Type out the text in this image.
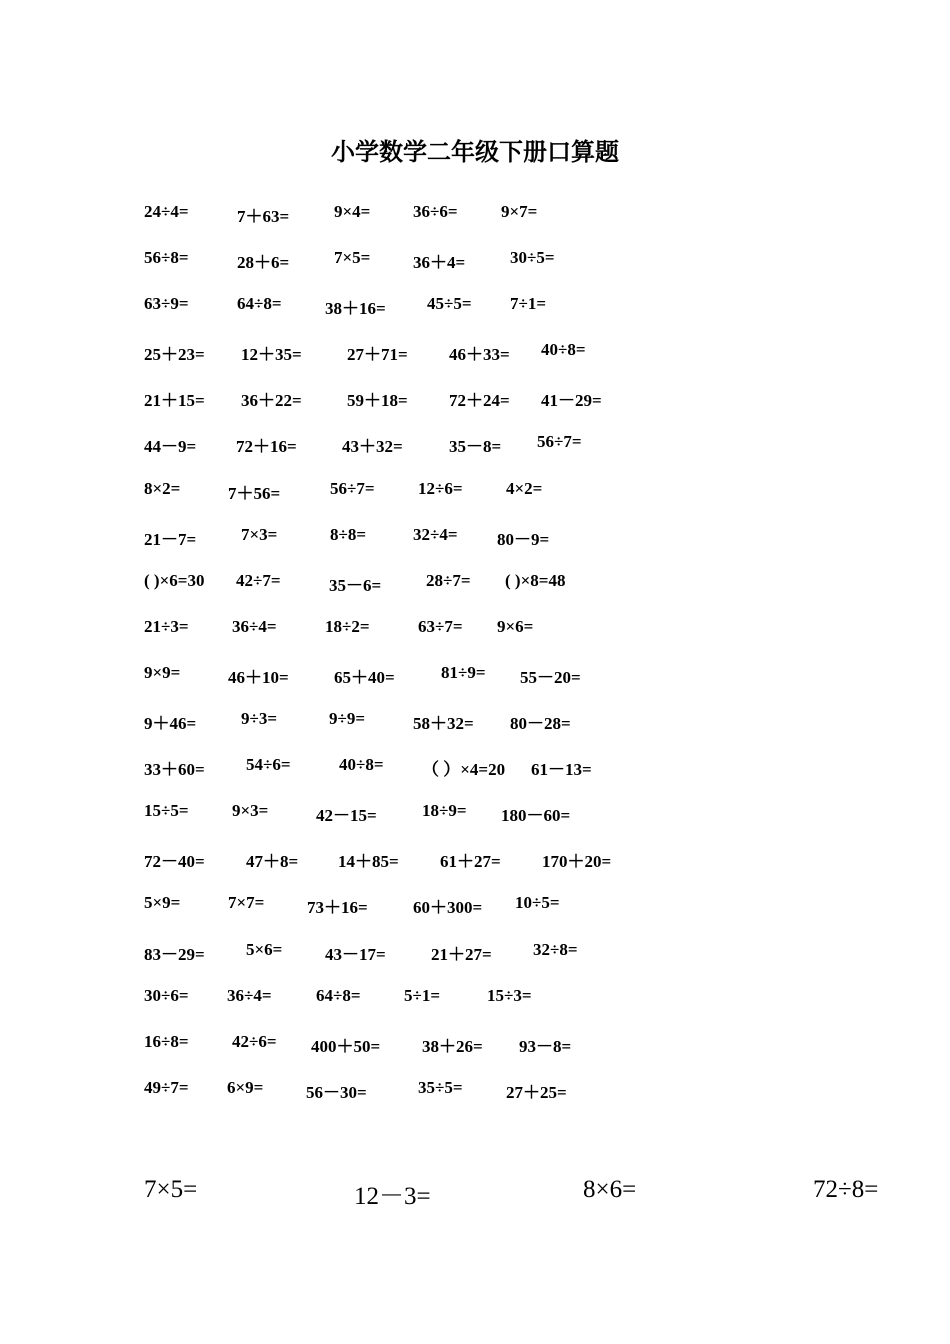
小学数学二年级下册口算题
24÷4=	7＋63=	9×4=	36÷6=	9×7=
56÷8=	28＋6=	7×5=	36＋4=	30÷5=
63÷9=	64÷8=	38＋16= 45÷5= 7÷1=
25＋23= 12＋35=	27＋71= 46＋33= 40÷8=
21＋15= 36＋22=	59＋18= 72＋24= 41－29=
44－9= 72＋16=	43＋32=	35－8= 56÷7=
8×2=	7＋56=	56÷7=	12÷6=	4×2=
21－7=	7×3=	8÷8=	32÷4= 80－9=
( )×6=30 42÷7=	35－6=	28÷7= ( )×8=48
21÷3=	36÷4=	18÷2=	63÷7= 9×6=
9×9=	46＋10=	65＋40=	81÷9= 55－20=
9＋46=	9÷3=	9÷9=	58＋32= 80－28=
33＋60= 54÷6=	40÷8= （ ）×4=20 61－13=
15÷5=	9×3=	42－15=	18÷9= 180－60=
72－40= 47＋8= 14＋85= 61＋27= 170＋20=
5×9=	7×7=	73＋16=	60＋300= 10÷5=
83－29= 5×6=	43－17=	21＋27= 32÷8=
30÷6= 36÷4=	64÷8=	5÷1=	15÷3=
16÷8=	42÷6= 400＋50= 38＋26= 93－8=
49÷7= 6×9=	56－30=	35÷5=	27＋25=
7×5=	12－3=	8×6=	72÷8=
